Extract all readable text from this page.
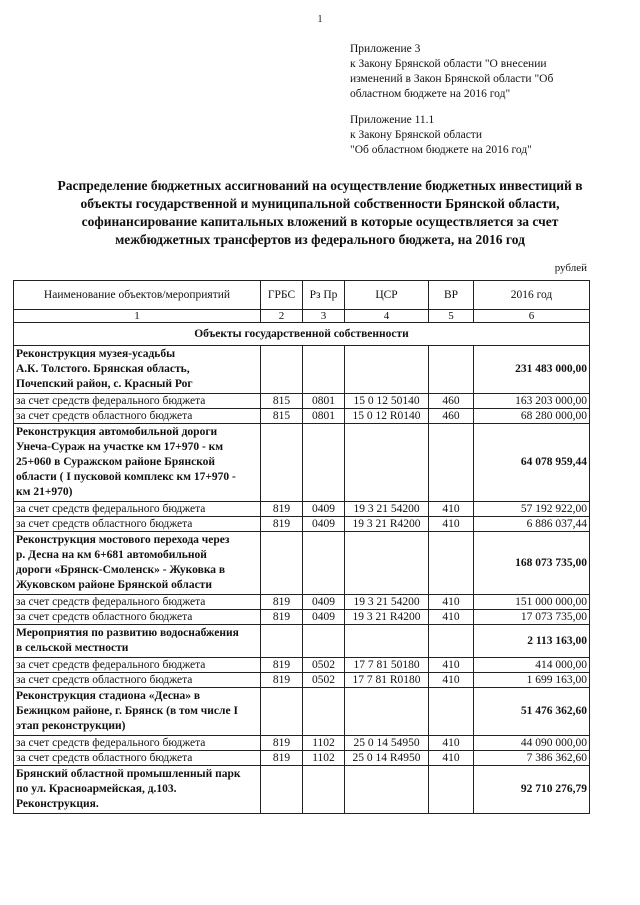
1
Приложение 3
к Закону Брянской области "О внесении
изменений в Закон Брянской области "Об
областном бюджете на 2016 год"
Приложение 11.1
к Закону Брянской области
"Об областном бюджете на 2016 год"
Распределение бюджетных ассигнований на осуществление бюджетных инвестиций в
объекты государственной и муниципальной собственности Брянской области,
софинансирование капитальных вложений в которые осуществляется за счет
межбюджетных трансфертов из федерального бюджета, на 2016 год
рублей
Наименование объектов/мероприятий	ГРБС	Рз Пр	ЦСР	ВР	2016 год
1	2	3	4	5	6
Объекты государственной собственности					

Реконструкция музея-усадьбы
А.К. Толстого. Брянская область,
Почепский район, с. Красный Рог					231 483 000,00
за счет средств федерального бюджета	815	0801	15 0 12 50140	460	163 203 000,00
за счет средств областного бюджета	815	0801	15 0 12 R0140	460	68 280 000,00

Реконструкция автомобильной дороги
Унеча-Сураж на участке км 17+970 - км
25+060 в Суражском районе Брянской
области ( I пусковой комплекс км 17+970 -
км 21+970)					64 078 959,44
за счет средств федерального бюджета	819	0409	19 3 21 54200	410	57 192 922,00
за счет средств областного бюджета	819	0409	19 3 21 R4200	410	6 886 037,44

Реконструкция мостового перехода через
р. Десна на км 6+681 автомобильной
дороги «Брянск-Смоленск» - Жуковка в
Жуковском районе Брянской области					168 073 735,00
за счет средств федерального бюджета	819	0409	19 3 21 54200	410	151 000 000,00
за счет средств областного бюджета	819	0409	19 3 21 R4200	410	17 073 735,00

Мероприятия по развитию водоснабжения
в сельской местности					2 113 163,00
за счет средств федерального бюджета	819	0502	17 7 81 50180	410	414 000,00
за счет средств областного бюджета	819	0502	17 7 81 R0180	410	1 699 163,00

Реконструкция стадиона «Десна» в
Бежицком районе, г. Брянск (в том числе I
этап реконструкции)					51 476 362,60
за счет средств федерального бюджета	819	1102	25 0 14 54950	410	44 090 000,00
за счет средств областного бюджета	819	1102	25 0 14 R4950	410	7 386 362,60

Брянский областной промышленный парк
по ул. Красноармейская, д.103.
Реконструкция.					92 710 276,79
